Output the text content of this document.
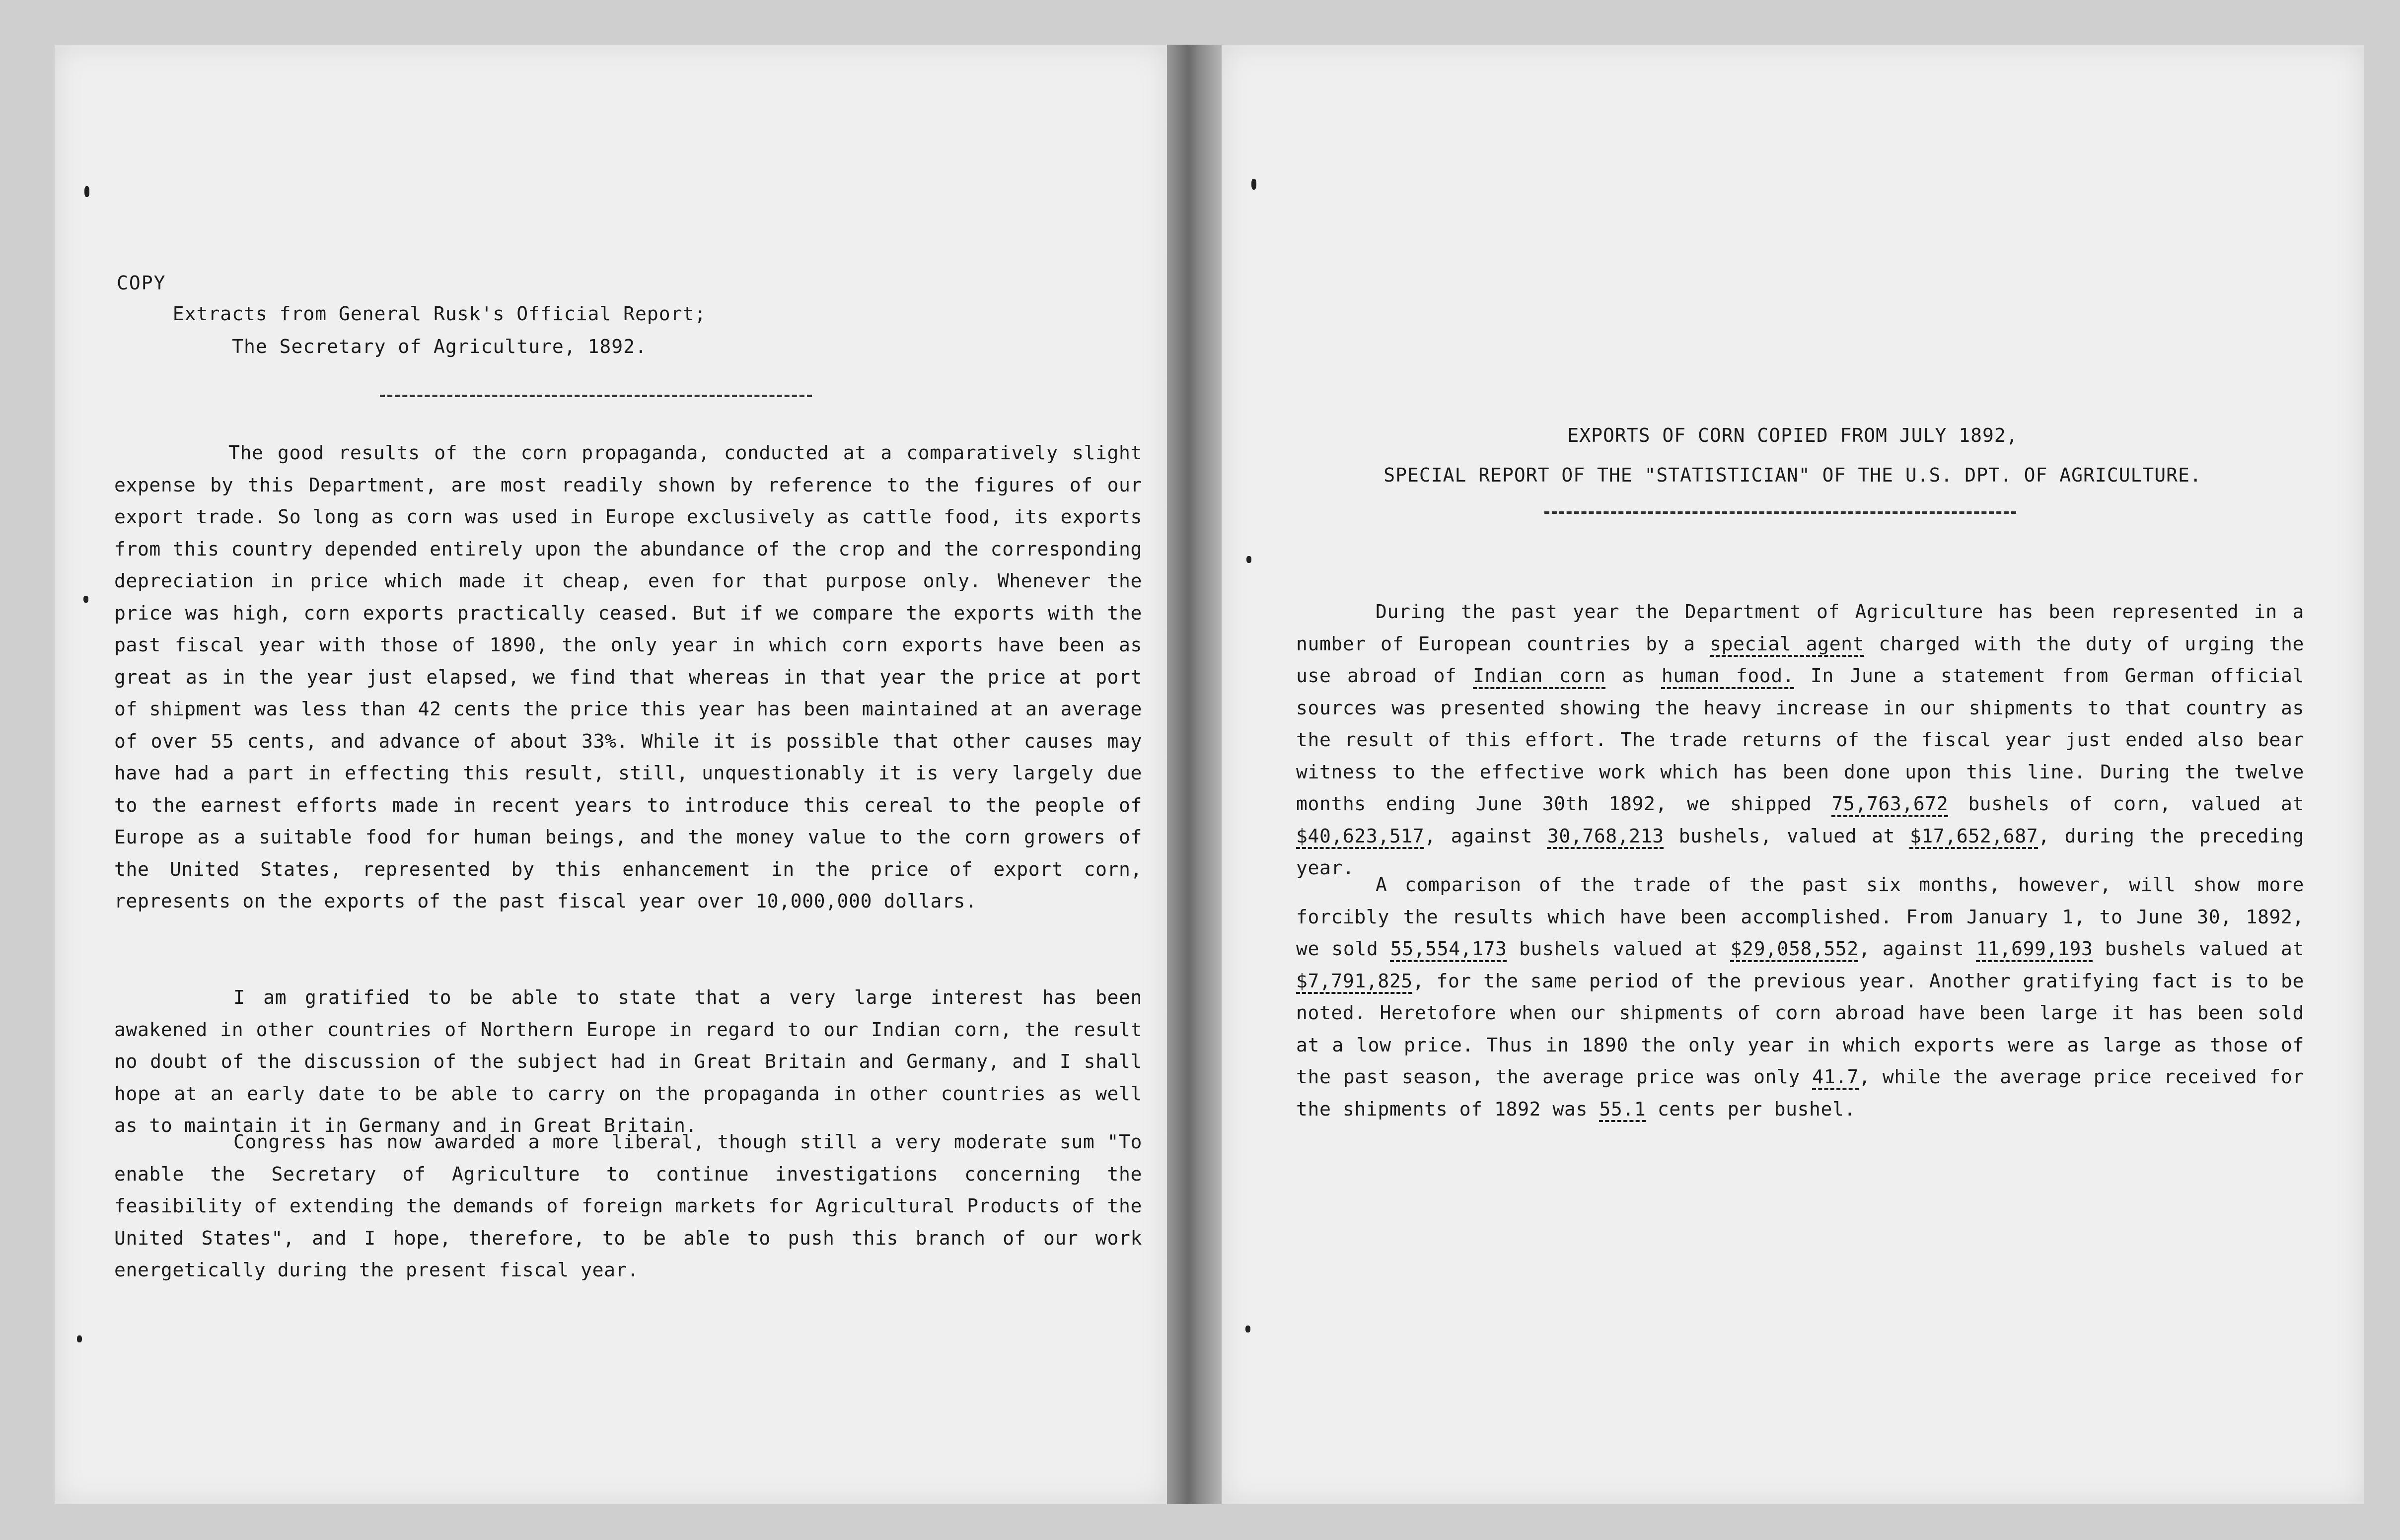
COPY
Extracts from General Rusk's Official Report;
The Secretary of Agriculture, 1892.

The good results of the corn propaganda, conducted at a comparatively slight expense by this Department, are most readily shown by reference to the figures of our export trade. So long as corn was used in Europe exclusively as cattle food, its exports from this country depended entirely upon the abundance of the crop and the corresponding depreciation in price which made it cheap, even for that purpose only. Whenever the price was high, corn exports practically ceased. But if we compare the exports with the past fiscal year with those of 1890, the only year in which corn exports have been as great as in the year just elapsed, we find that whereas in that year the price at port of shipment was less than 42 cents the price this year has been maintained at an average of over 55 cents, and advance of about 33%. While it is possible that other causes may have had a part in effecting this result, still, unquestionably it is very largely due to the earnest efforts made in recent years to introduce this cereal to the people of Europe as a suitable food for human beings, and the money value to the corn growers of the United States, represented by this enhancement in the price of export corn, represents on the exports of the past fiscal year over 10,000,000 dollars.

I am gratified to be able to state that a very large interest has been awakened in other countries of Northern Europe in regard to our Indian corn, the result no doubt of the discussion of the subject had in Great Britain and Germany, and I shall hope at an early date to be able to carry on the propaganda in other countries as well as to maintain it in Germany and in Great Britain.

Congress has now awarded a more liberal, though still a very moderate sum "To enable the Secretary of Agriculture to continue investigations concerning the feasibility of extending the demands of foreign markets for Agricultural Products of the United States", and I hope, therefore, to be able to push this branch of our work energetically during the present fiscal year.

EXPORTS OF CORN COPIED FROM JULY 1892,
SPECIAL REPORT OF THE "STATISTICIAN" OF THE U.S. DPT. OF AGRICULTURE.

During the past year the Department of Agriculture has been represented in a number of European countries by a special agent charged with the duty of urging the use abroad of Indian corn as human food. In June a statement from German official sources was presented showing the heavy increase in our shipments to that country as the result of this effort. The trade returns of the fiscal year just ended also bear witness to the effective work which has been done upon this line. During the twelve months ending June 30th 1892, we shipped 75,763,672 bushels of corn, valued at $40,623,517, against 30,768,213 bushels, valued at $17,652,687, during the preceding year.

A comparison of the trade of the past six months, however, will show more forcibly the results which have been accomplished. From January 1, to June 30, 1892, we sold 55,554,173 bushels valued at $29,058,552, against 11,699,193 bushels valued at $7,791,825, for the same period of the previous year. Another gratifying fact is to be noted. Heretofore when our shipments of corn abroad have been large it has been sold at a low price. Thus in 1890 the only year in which exports were as large as those of the past season, the average price was only 41.7, while the average price received for the shipments of 1892 was 55.1 cents per bushel.
